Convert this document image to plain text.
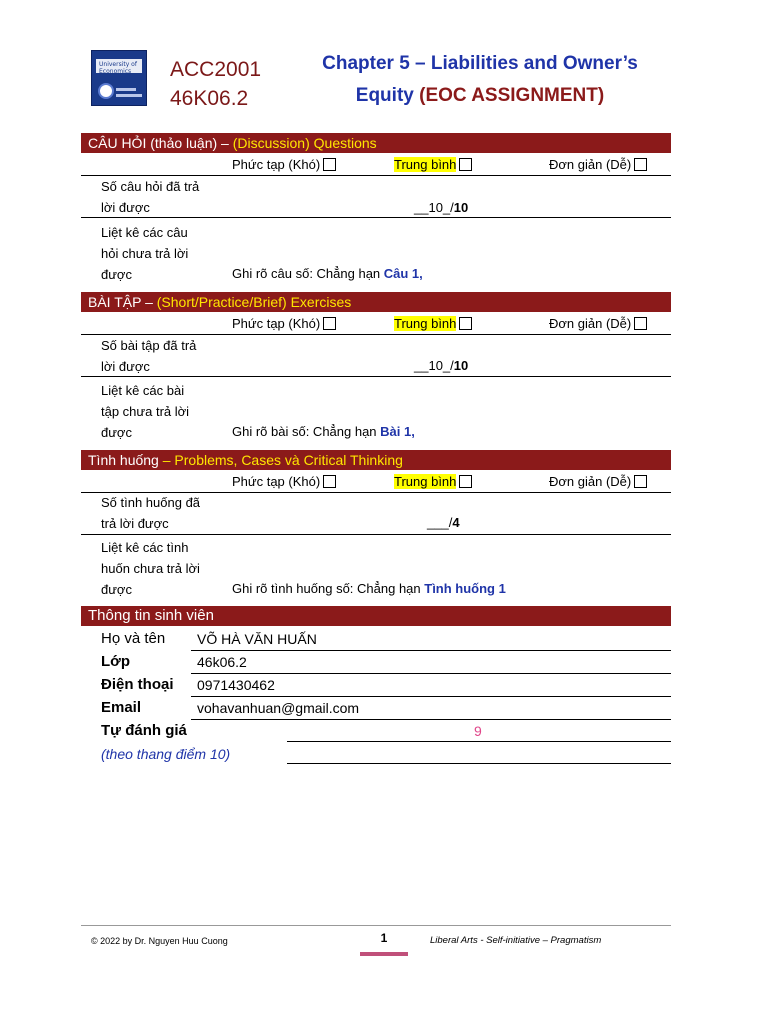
University of Economics	ACC2001
46K06.2
Chapter 5 – Liabilities and Owner’s
Equity (EOC ASSIGNMENT)
CÂU HỎI (thảo luận) – (Discussion) Questions
Phức tạp (Khó)	Trung bình	Đơn giản (Dễ)
Số câu hỏi đã trả
lời được	__10_/10
Liệt kê các câu
hỏi chưa trả lời
được	Ghi rõ câu số: Chẳng hạn Câu 1,
BÀI TẬP – (Short/Practice/Brief) Exercises
Phức tạp (Khó)	Trung bình	Đơn giản (Dễ)
Số bài tập đã trả
lời được	__10_/10
Liệt kê các bài
tập chưa trả lời
được	Ghi rõ bài số: Chẳng hạn Bài 1,
Tình huống – Problems, Cases và Critical Thinking
Phức tạp (Khó)	Trung bình	Đơn giản (Dễ)
Số tình huống đã
trả lời được	___/4
Liệt kê các tình
huốn chưa trả lời
được	Ghi rõ tình huống số: Chẳng hạn Tình huống 1
Thông tin sinh viên
Họ và tên VÕ HÀ VĂN HUẤN
Lớp	46k06.2
Điện thoại 0971430462
Email	vohavanhuan@gmail.com
Tự đánh giá	9
(theo thang điểm 10)
© 2022 by Dr. Nguyen Huu Cuong	1	Liberal Arts - Self-initiative – Pragmatism
